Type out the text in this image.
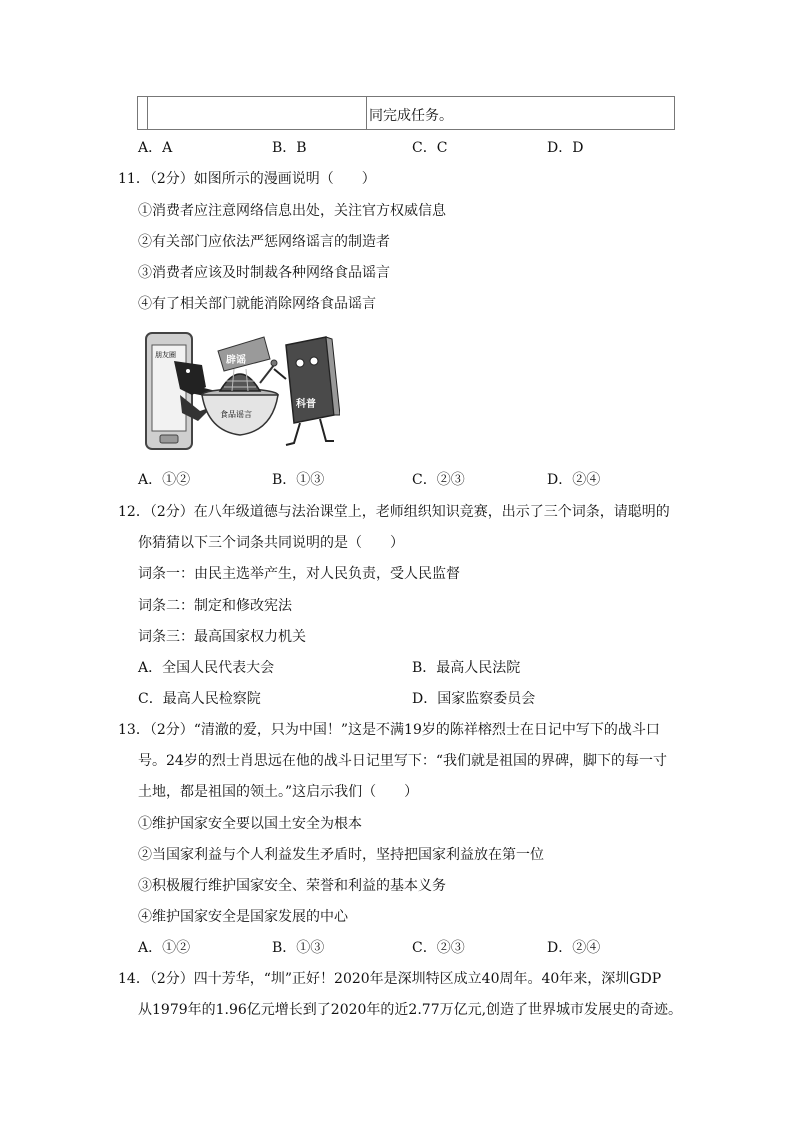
同完成任务。
A．A	B．B	C．C	D．D
11．（2分）如图所示的漫画说明（　　）
①消费者应注意网络信息出处，关注官方权威信息
②有关部门应依法严惩网络谣言的制造者
③消费者应该及时制裁各种网络食品谣言
④有了相关部门就能消除网络食品谣言
朋友圈
食品谣言
辟谣
科普
A．①②	B．①③	C．②③	D．②④
12．（2分）在八年级道德与法治课堂上，老师组织知识竞赛，出示了三个词条，请聪明的
你猜猜以下三个词条共同说明的是（　　）
词条一：由民主选举产生，对人民负责，受人民监督
词条二：制定和修改宪法
词条三：最高国家权力机关
A．全国人民代表大会	B．最高人民法院
C．最高人民检察院	D．国家监察委员会
13．（2分）“清澈的爱，只为中国！”这是不满19岁的陈祥榕烈士在日记中写下的战斗口
号。24岁的烈士肖思远在他的战斗日记里写下：“我们就是祖国的界碑，脚下的每一寸
土地，都是祖国的领土。”这启示我们（　　）
①维护国家安全要以国土安全为根本
②当国家利益与个人利益发生矛盾时，坚持把国家利益放在第一位
③积极履行维护国家安全、荣誉和利益的基本义务
④维护国家安全是国家发展的中心
A．①②	B．①③	C．②③	D．②④
14．（2分）四十芳华，“圳”正好！2020年是深圳特区成立40周年。40年来，深圳GDP
从1979年的1.96亿元增长到了2020年的近2.77万亿元,创造了世界城市发展史的奇迹。
